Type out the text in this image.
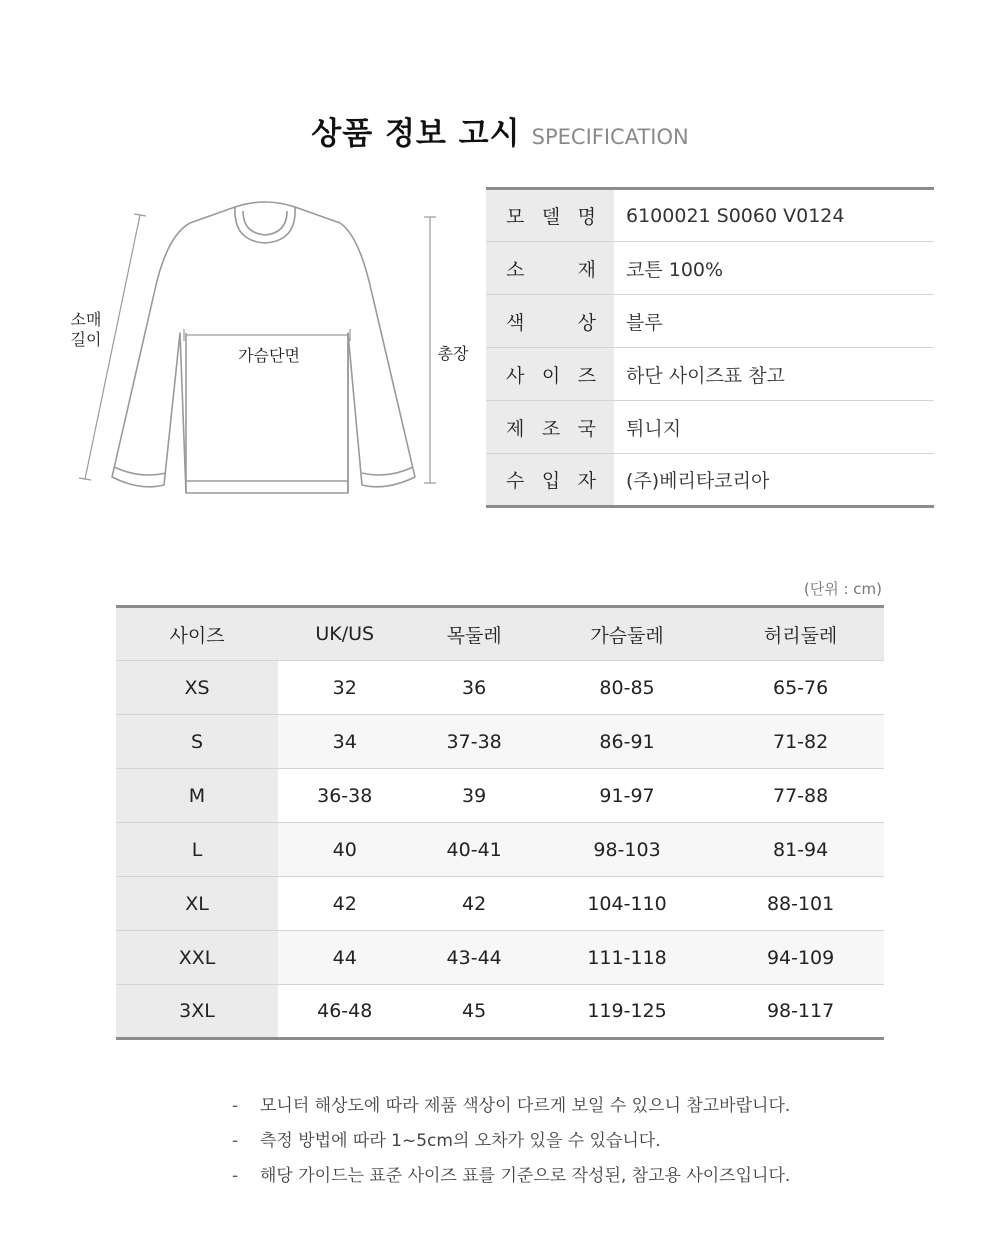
상품 정보 고시 SPECIFICATION
소매
길이
가슴단면	총장
모 델 명	6100021 S0060 V0124

소 재	코튼 100%

색 상	블루

사 이 즈	하단 사이즈표 참고

제 조 국	튀니지

수 입 자	(주)베리타코리아
(단위 : cm)
사이즈	UK/US	목둘레	가슴둘레	허리둘레
XS	32	36	80-85	65-76
S	34	37-38	86-91	71-82
M	36-38	39	91-97	77-88
L	40	40-41	98-103	81-94
XL	42	42	104-110	88-101
XXL	44	43-44	111-118	94-109
3XL	46-48	45	119-125	98-117
- 모니터 해상도에 따라 제품 색상이 다르게 보일 수 있으니 참고바랍니다.
- 측정 방법에 따라 1~5cm의 오차가 있을 수 있습니다.
- 해당 가이드는 표준 사이즈 표를 기준으로 작성된, 참고용 사이즈입니다.
